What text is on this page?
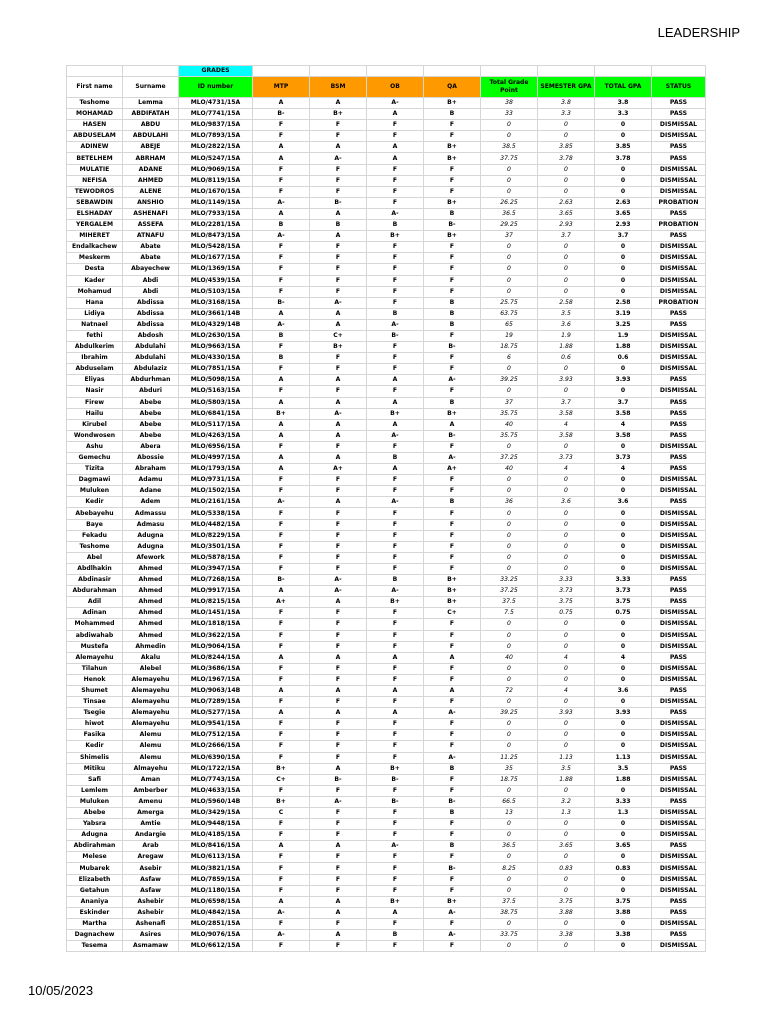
LEADERSHIP
		GRADES								
First name	Surname	ID number	MTP	BSM	OB	QA	Total Grade Point	SEMESTER GPA	TOTAL GPA	STATUS
Teshome	Lemma	MLO/4731/15A	A	A	A-	B+	38	3.8	3.8	PASS
MOHAMAD	ABDIFATAH	MLO/7741/15A	B-	B+	A	B	33	3.3	3.3	PASS
HASEN	ABDU	MLO/9837/15A	F	F	F	F	0	0	0	DISMISSAL
ABDUSELAM	ABDULAHI	MLO/7893/15A	F	F	F	F	0	0	0	DISMISSAL
ADINEW	ABEJE	MLO/2822/15A	A	A	A	B+	38.5	3.85	3.85	PASS
BETELHEM	ABRHAM	MLO/5247/15A	A	A-	A	B+	37.75	3.78	3.78	PASS
MULATIE	ADANE	MLO/9069/15A	F	F	F	F	0	0	0	DISMISSAL
NEFISA	AHMED	MLO/8119/15A	F	F	F	F	0	0	0	DISMISSAL
TEWODROS	ALENE	MLO/1670/15A	F	F	F	F	0	0	0	DISMISSAL
SEBAWDIN	ANSHIO	MLO/1149/15A	A-	B-	F	B+	26.25	2.63	2.63	PROBATION
ELSHADAY	ASHENAFI	MLO/7933/15A	A	A	A-	B	36.5	3.65	3.65	PASS
YERGALEM	ASSEFA	MLO/2281/15A	B	B	B	B-	29.25	2.93	2.93	PROBATION
MIHERET	ATNAFU	MLO/8473/15A	A-	A	B+	B+	37	3.7	3.7	PASS
Endalkachew	Abate	MLO/5428/15A	F	F	F	F	0	0	0	DISMISSAL
Meskerm	Abate	MLO/1677/15A	F	F	F	F	0	0	0	DISMISSAL
Desta	Abayechew	MLO/1369/15A	F	F	F	F	0	0	0	DISMISSAL
Kader	Abdi	MLO/4539/15A	F	F	F	F	0	0	0	DISMISSAL
Mohamud	Abdi	MLO/5103/15A	F	F	F	F	0	0	0	DISMISSAL
Hana	Abdissa	MLO/3168/15A	B-	A-	F	B	25.75	2.58	2.58	PROBATION
Lidiya	Abdissa	MLO/3661/14B	A	A	B	B	63.75	3.5	3.19	PASS
Natnael	Abdissa	MLO/4329/14B	A-	A	A-	B	65	3.6	3.25	PASS
fethi	Abdosh	MLO/2630/15A	B	C+	B-	F	19	1.9	1.9	DISMISSAL
Abdulkerim	Abdulahi	MLO/9663/15A	F	B+	F	B-	18.75	1.88	1.88	DISMISSAL
Ibrahim	Abdulahi	MLO/4330/15A	B	F	F	F	6	0.6	0.6	DISMISSAL
Abduselam	Abdulaziz	MLO/7851/15A	F	F	F	F	0	0	0	DISMISSAL
Eliyas	Abdurhman	MLO/5098/15A	A	A	A	A-	39.25	3.93	3.93	PASS
Nasir	Abduri	MLO/5163/15A	F	F	F	F	0	0	0	DISMISSAL
Firew	Abebe	MLO/5803/15A	A	A	A	B	37	3.7	3.7	PASS
Hailu	Abebe	MLO/6841/15A	B+	A-	B+	B+	35.75	3.58	3.58	PASS
Kirubel	Abebe	MLO/5117/15A	A	A	A	A	40	4	4	PASS
Wondwosen	Abebe	MLO/4263/15A	A	A	A-	B-	35.75	3.58	3.58	PASS
Ashu	Abera	MLO/6956/15A	F	F	F	F	0	0	0	DISMISSAL
Gemechu	Abossie	MLO/4997/15A	A	A	B	A-	37.25	3.73	3.73	PASS
Tizita	Abraham	MLO/1793/15A	A	A+	A	A+	40	4	4	PASS
Dagmawi	Adamu	MLO/9731/15A	F	F	F	F	0	0	0	DISMISSAL
Muluken	Adane	MLO/1502/15A	F	F	F	F	0	0	0	DISMISSAL
Kedir	Adem	MLO/2161/15A	A-	A	A-	B	36	3.6	3.6	PASS
Abebayehu	Admassu	MLO/5338/15A	F	F	F	F	0	0	0	DISMISSAL
Baye	Admasu	MLO/4482/15A	F	F	F	F	0	0	0	DISMISSAL
Fekadu	Adugna	MLO/8229/15A	F	F	F	F	0	0	0	DISMISSAL
Teshome	Adugna	MLO/3501/15A	F	F	F	F	0	0	0	DISMISSAL
Abel	Afework	MLO/5878/15A	F	F	F	F	0	0	0	DISMISSAL
Abdlhakin	Ahmed	MLO/3947/15A	F	F	F	F	0	0	0	DISMISSAL
Abdinasir	Ahmed	MLO/7268/15A	B-	A-	B	B+	33.25	3.33	3.33	PASS
Abdurahman	Ahmed	MLO/9917/15A	A	A-	A-	B+	37.25	3.73	3.73	PASS
Adil	Ahmed	MLO/8215/15A	A+	A	B+	B+	37.5	3.75	3.75	PASS
Adinan	Ahmed	MLO/1451/15A	F	F	F	C+	7.5	0.75	0.75	DISMISSAL
Mohammed	Ahmed	MLO/1818/15A	F	F	F	F	0	0	0	DISMISSAL
abdiwahab	Ahmed	MLO/3622/15A	F	F	F	F	0	0	0	DISMISSAL
Mustefa	Ahmedin	MLO/9064/15A	F	F	F	F	0	0	0	DISMISSAL
Alemayehu	Akalu	MLO/8244/15A	A	A	A	A	40	4	4	PASS
Tilahun	Alebel	MLO/3686/15A	F	F	F	F	0	0	0	DISMISSAL
Henok	Alemayehu	MLO/1967/15A	F	F	F	F	0	0	0	DISMISSAL
Shumet	Alemayehu	MLO/9063/14B	A	A	A	A	72	4	3.6	PASS
Tinsae	Alemayehu	MLO/7289/15A	F	F	F	F	0	0	0	DISMISSAL
Tsegie	Alemayehu	MLO/5277/15A	A	A	A	A-	39.25	3.93	3.93	PASS
hiwot	Alemayehu	MLO/9541/15A	F	F	F	F	0	0	0	DISMISSAL
Fasika	Alemu	MLO/7512/15A	F	F	F	F	0	0	0	DISMISSAL
Kedir	Alemu	MLO/2666/15A	F	F	F	F	0	0	0	DISMISSAL
Shimelis	Alemu	MLO/6390/15A	F	F	F	A-	11.25	1.13	1.13	DISMISSAL
Mitiku	Almayehu	MLO/1722/15A	B+	A	B+	B	35	3.5	3.5	PASS
Safi	Aman	MLO/7743/15A	C+	B-	B-	F	18.75	1.88	1.88	DISMISSAL
Lemlem	Amberber	MLO/4633/15A	F	F	F	F	0	0	0	DISMISSAL
Muluken	Amenu	MLO/5960/14B	B+	A-	B-	B-	66.5	3.2	3.33	PASS
Abebe	Amerga	MLO/3429/15A	C	F	F	B	13	1.3	1.3	DISMISSAL
Yabsra	Amtie	MLO/9448/15A	F	F	F	F	0	0	0	DISMISSAL
Adugna	Andargie	MLO/4185/15A	F	F	F	F	0	0	0	DISMISSAL
Abdirahman	Arab	MLO/8416/15A	A	A	A-	B	36.5	3.65	3.65	PASS
Melese	Aregaw	MLO/6113/15A	F	F	F	F	0	0	0	DISMISSAL
Mubarek	Asebir	MLO/3821/15A	F	F	F	B-	8.25	0.83	0.83	DISMISSAL
Elizabeth	Asfaw	MLO/7859/15A	F	F	F	F	0	0	0	DISMISSAL
Getahun	Asfaw	MLO/1180/15A	F	F	F	F	0	0	0	DISMISSAL
Ananiya	Ashebir	MLO/6598/15A	A	A	B+	B+	37.5	3.75	3.75	PASS
Eskinder	Ashebir	MLO/4842/15A	A-	A	A	A-	38.75	3.88	3.88	PASS
Martha	Ashenafi	MLO/2851/15A	F	F	F	F	0	0	0	DISMISSAL
Dagnachew	Asires	MLO/9076/15A	A-	A	B	A-	33.75	3.38	3.38	PASS
Tesema	Asmamaw	MLO/6612/15A	F	F	F	F	0	0	0	DISMISSAL
10/05/2023
